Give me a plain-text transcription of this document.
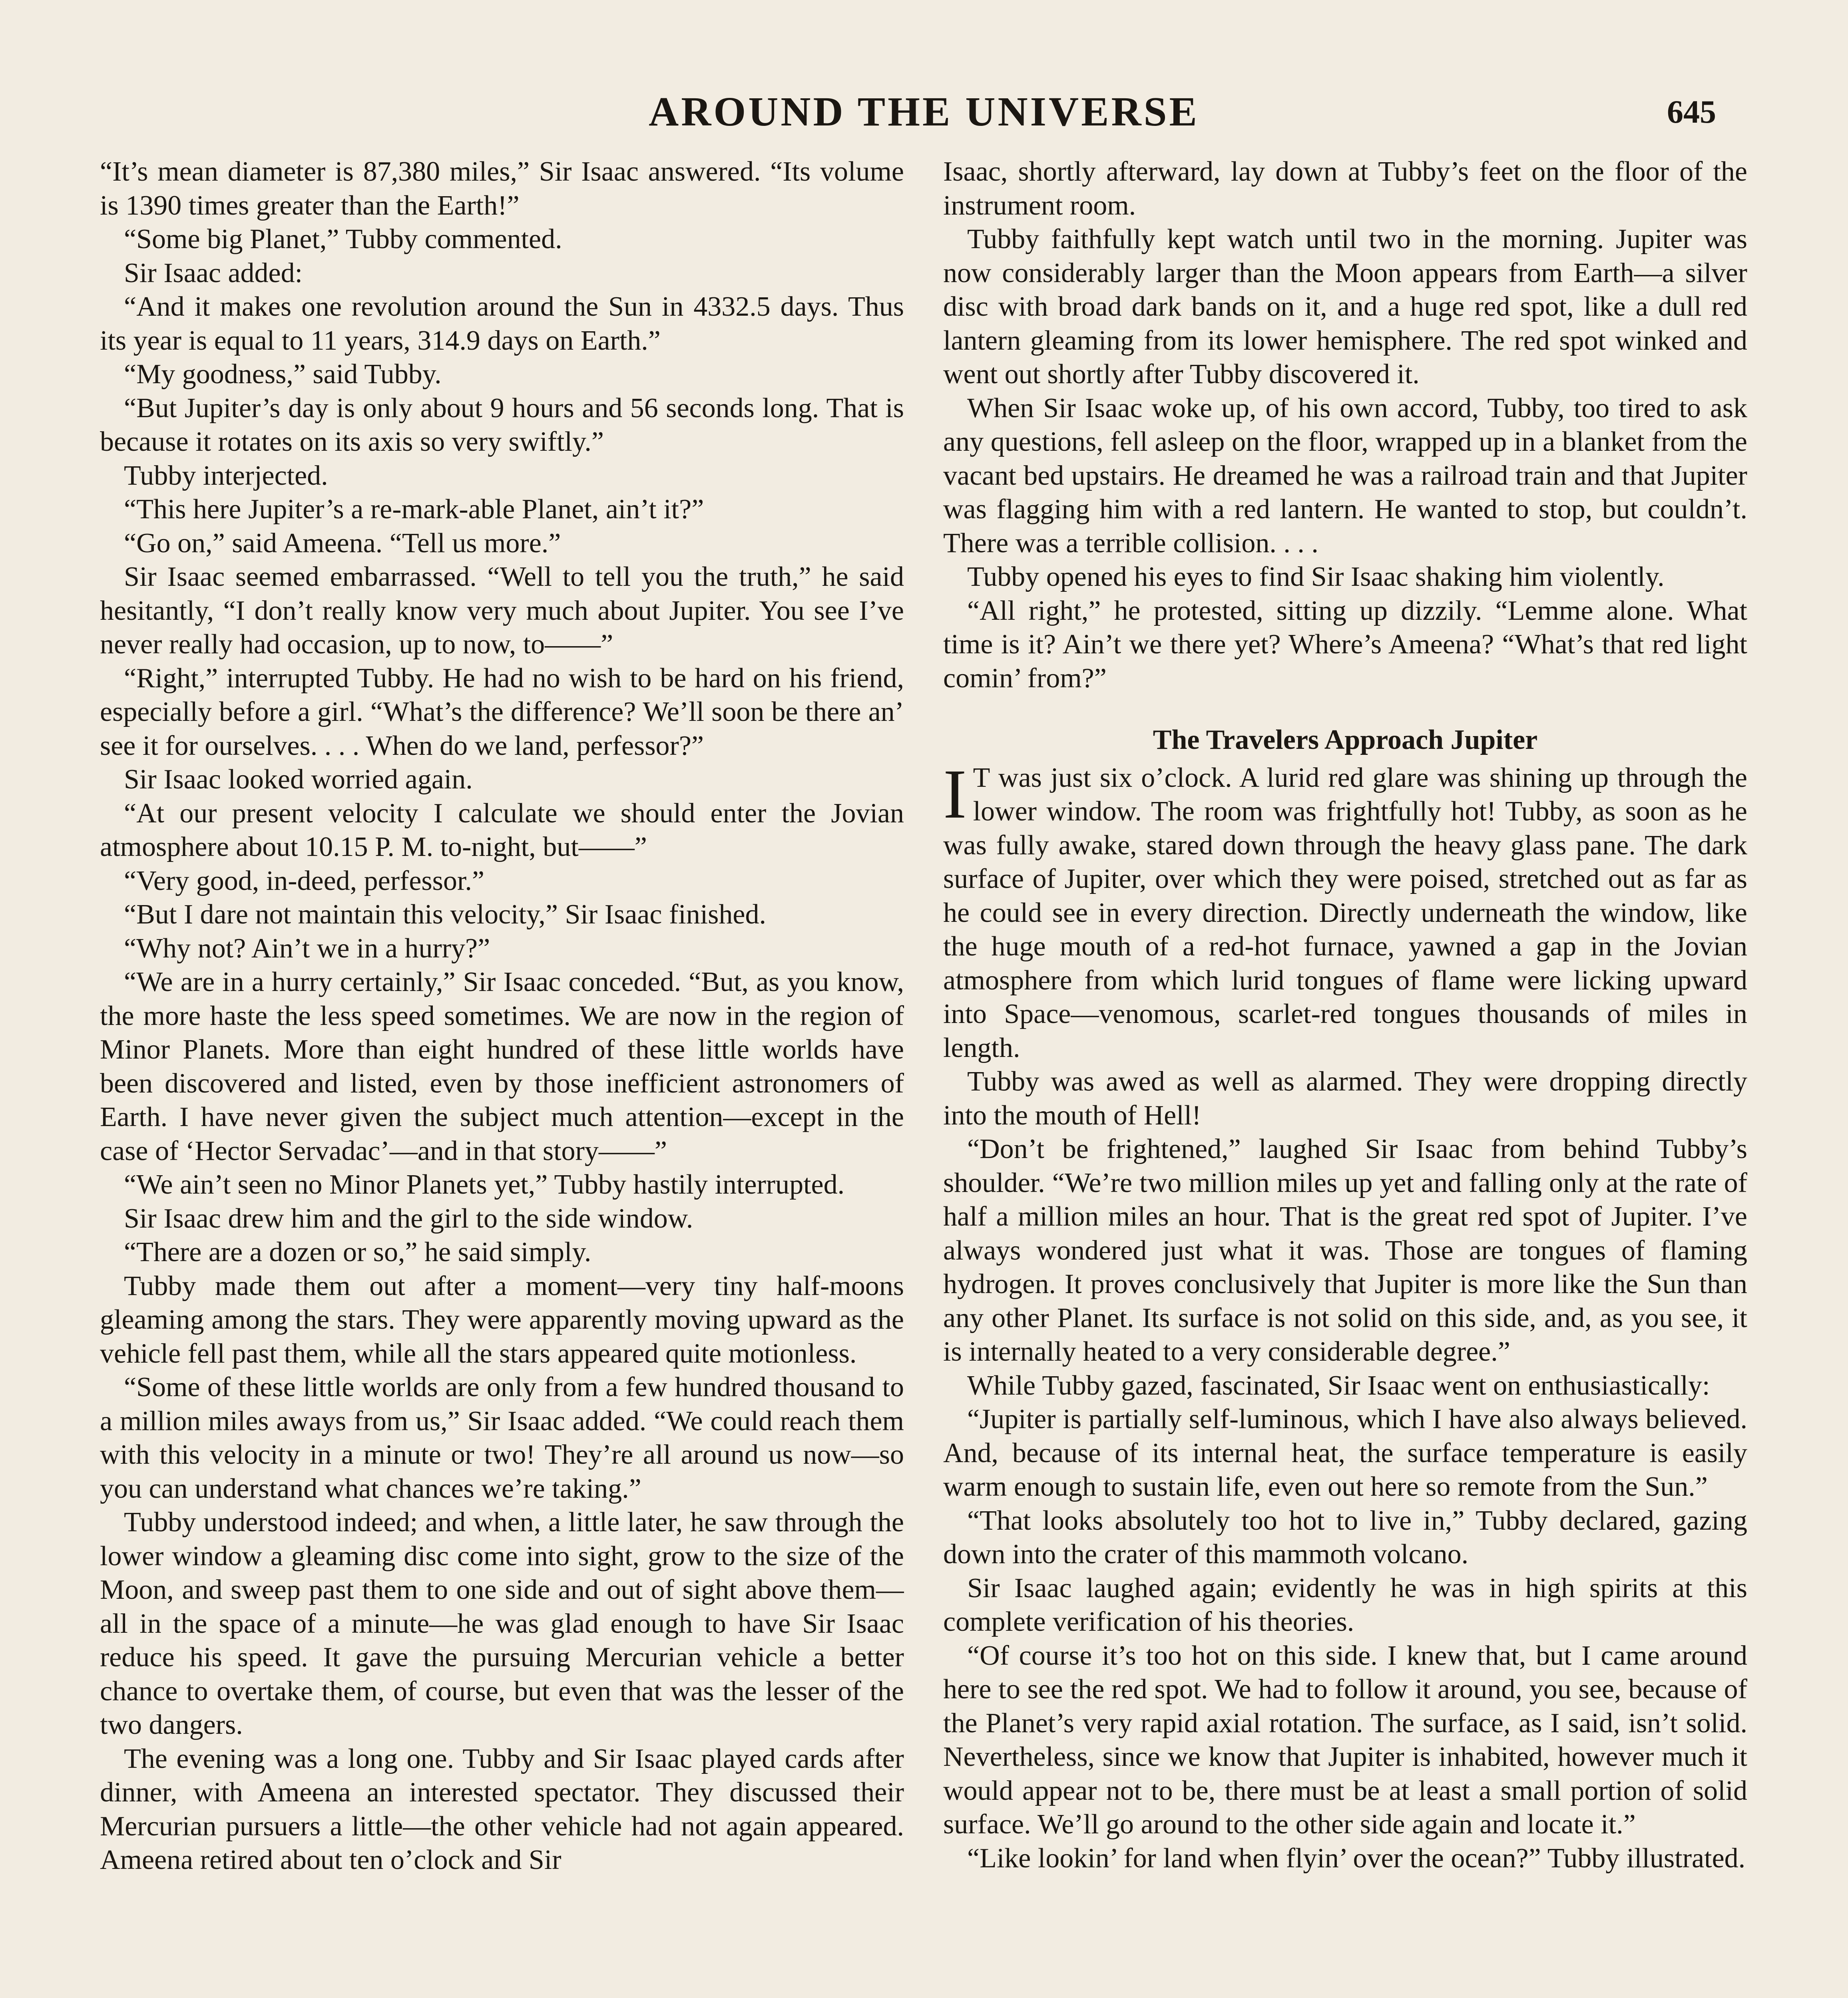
AROUND THE UNIVERSE	645

“It’s mean diameter is 87,380 miles,” Sir Isaac answered. “Its volume is 1390 times greater than the Earth!”

“Some big Planet,” Tubby commented.

Sir Isaac added:

“And it makes one revolution around the Sun in 4332.5 days. Thus its year is equal to 11 years, 314.9 days on Earth.”

“My goodness,” said Tubby.

“But Jupiter’s day is only about 9 hours and 56 seconds long. That is because it rotates on its axis so very swiftly.”

Tubby interjected.

“This here Jupiter’s a re-mark-able Planet, ain’t it?”

“Go on,” said Ameena. “Tell us more.”

Sir Isaac seemed embarrassed. “Well to tell you the truth,” he said hesitantly, “I don’t really know very much about Jupiter. You see I’ve never really had occasion, up to now, to——”

“Right,” interrupted Tubby. He had no wish to be hard on his friend, especially before a girl. “What’s the difference? We’ll soon be there an’ see it for ourselves. . . . When do we land, perfessor?”

Sir Isaac looked worried again.

“At our present velocity I calculate we should enter the Jovian atmosphere about 10.15 P. M. to-night, but——”

“Very good, in-deed, perfessor.”

“But I dare not maintain this velocity,” Sir Isaac finished.

“Why not? Ain’t we in a hurry?”

“We are in a hurry certainly,” Sir Isaac conceded. “But, as you know, the more haste the less speed sometimes. We are now in the region of Minor Planets. More than eight hundred of these little worlds have been discovered and listed, even by those inefficient astronomers of Earth. I have never given the subject much attention—except in the case of ‘Hector Servadac’—and in that story——”

“We ain’t seen no Minor Planets yet,” Tubby hastily interrupted.

Sir Isaac drew him and the girl to the side window.

“There are a dozen or so,” he said simply.

Tubby made them out after a moment—very tiny half-moons gleaming among the stars. They were apparently moving upward as the vehicle fell past them, while all the stars appeared quite motionless.

“Some of these little worlds are only from a few hundred thousand to a million miles aways from us,” Sir Isaac added. “We could reach them with this velocity in a minute or two! They’re all around us now—so you can understand what chances we’re taking.”

Tubby understood indeed; and when, a little later, he saw through the lower window a gleaming disc come into sight, grow to the size of the Moon, and sweep past them to one side and out of sight above them—all in the space of a minute—he was glad enough to have Sir Isaac reduce his speed. It gave the pursuing Mercurian vehicle a better chance to overtake them, of course, but even that was the lesser of the two dangers.

The evening was a long one. Tubby and Sir Isaac played cards after dinner, with Ameena an interested spectator. They discussed their Mercurian pursuers a little—the other vehicle had not again appeared. Ameena retired about ten o’clock and Sir

Isaac, shortly afterward, lay down at Tubby’s feet on the floor of the instrument room.

Tubby faithfully kept watch until two in the morning. Jupiter was now considerably larger than the Moon appears from Earth—a silver disc with broad dark bands on it, and a huge red spot, like a dull red lantern gleaming from its lower hemisphere. The red spot winked and went out shortly after Tubby discovered it.

When Sir Isaac woke up, of his own accord, Tubby, too tired to ask any questions, fell asleep on the floor, wrapped up in a blanket from the vacant bed upstairs. He dreamed he was a railroad train and that Jupiter was flagging him with a red lantern. He wanted to stop, but couldn’t. There was a terrible collision. . . .

Tubby opened his eyes to find Sir Isaac shaking him violently.

“All right,” he protested, sitting up dizzily. “Lemme alone. What time is it? Ain’t we there yet? Where’s Ameena? “What’s that red light comin’ from?”

The Travelers Approach Jupiter

I T was just six o’clock. A lurid red glare was shining up through the lower window. The room was frightfully hot! Tubby, as soon as he was fully awake, stared down through the heavy glass pane. The dark surface of Jupiter, over which they were poised, stretched out as far as he could see in every direction. Directly underneath the window, like the huge mouth of a red-hot furnace, yawned a gap in the Jovian atmosphere from which lurid tongues of flame were licking upward into Space—venomous, scarlet-red tongues thousands of miles in length.

Tubby was awed as well as alarmed. They were dropping directly into the mouth of Hell!

“Don’t be frightened,” laughed Sir Isaac from behind Tubby’s shoulder. “We’re two million miles up yet and falling only at the rate of half a million miles an hour. That is the great red spot of Jupiter. I’ve always wondered just what it was. Those are tongues of flaming hydrogen. It proves conclusively that Jupiter is more like the Sun than any other Planet. Its surface is not solid on this side, and, as you see, it is internally heated to a very considerable degree.”

While Tubby gazed, fascinated, Sir Isaac went on enthusiastically:

“Jupiter is partially self-luminous, which I have also always believed. And, because of its internal heat, the surface temperature is easily warm enough to sustain life, even out here so remote from the Sun.”

“That looks absolutely too hot to live in,” Tubby declared, gazing down into the crater of this mammoth volcano.

Sir Isaac laughed again; evidently he was in high spirits at this complete verification of his theories.

“Of course it’s too hot on this side. I knew that, but I came around here to see the red spot. We had to follow it around, you see, because of the Planet’s very rapid axial rotation. The surface, as I said, isn’t solid. Nevertheless, since we know that Jupiter is inhabited, however much it would appear not to be, there must be at least a small portion of solid surface. We’ll go around to the other side again and locate it.”

“Like lookin’ for land when flyin’ over the ocean?” Tubby illustrated.
